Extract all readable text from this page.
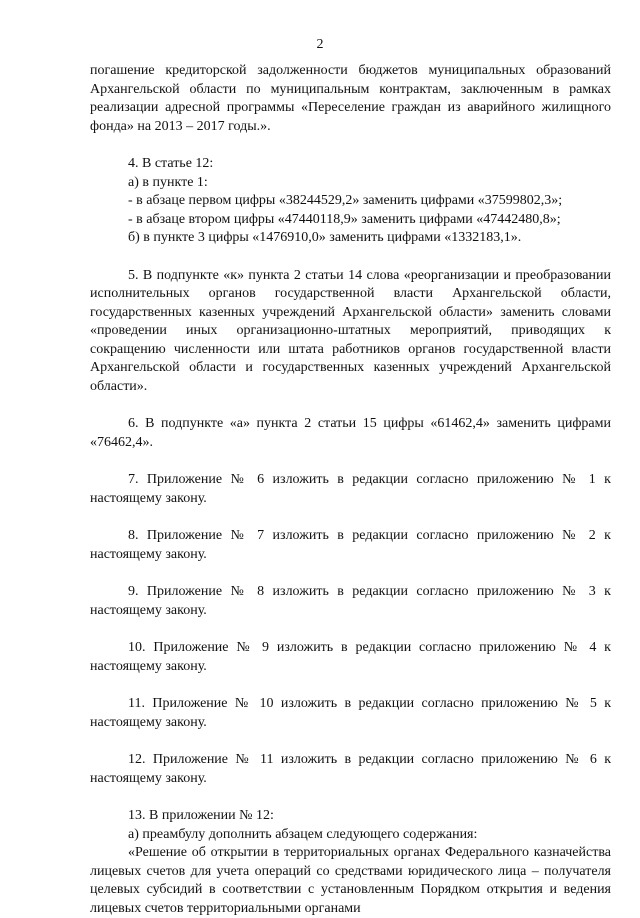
2

погашение кредиторской задолженности бюджетов муниципальных образований Архангельской области по муниципальным контрактам, заключенным в рамках реализации адресной программы «Переселение граждан из аварийного жилищного фонда» на 2013 – 2017 годы.».

4. В статье 12:

а) в пункте 1:

- в абзаце первом цифры «38244529,2» заменить цифрами «37599802,3»;

- в абзаце втором цифры «47440118,9» заменить цифрами «47442480,8»;

б) в пункте 3 цифры «1476910,0» заменить цифрами «1332183,1».

5. В подпункте «к» пункта 2 статьи 14 слова «реорганизации и преобразовании исполнительных органов государственной власти Архангельской области, государственных казенных учреждений Архангельской области» заменить словами «проведении иных организационно-штатных мероприятий, приводящих к сокращению численности или штата работников органов государственной власти Архангельской области и государственных казенных учреждений Архангельской области».

6. В подпункте «а» пункта 2 статьи 15 цифры «61462,4» заменить цифрами «76462,4».

7. Приложение № 6 изложить в редакции согласно приложению № 1 к настоящему закону.

8. Приложение № 7 изложить в редакции согласно приложению № 2 к настоящему закону.

9. Приложение № 8 изложить в редакции согласно приложению № 3 к настоящему закону.

10. Приложение № 9 изложить в редакции согласно приложению № 4 к настоящему закону.

11. Приложение № 10 изложить в редакции согласно приложению № 5 к настоящему закону.

12. Приложение № 11 изложить в редакции согласно приложению № 6 к настоящему закону.

13. В приложении № 12:

а) преамбулу дополнить абзацем следующего содержания:

«Решение об открытии в территориальных органах Федерального казначейства лицевых счетов для учета операций со средствами юридического лица – получателя целевых субсидий в соответствии с установленным Порядком открытия и ведения лицевых счетов территориальными органами
